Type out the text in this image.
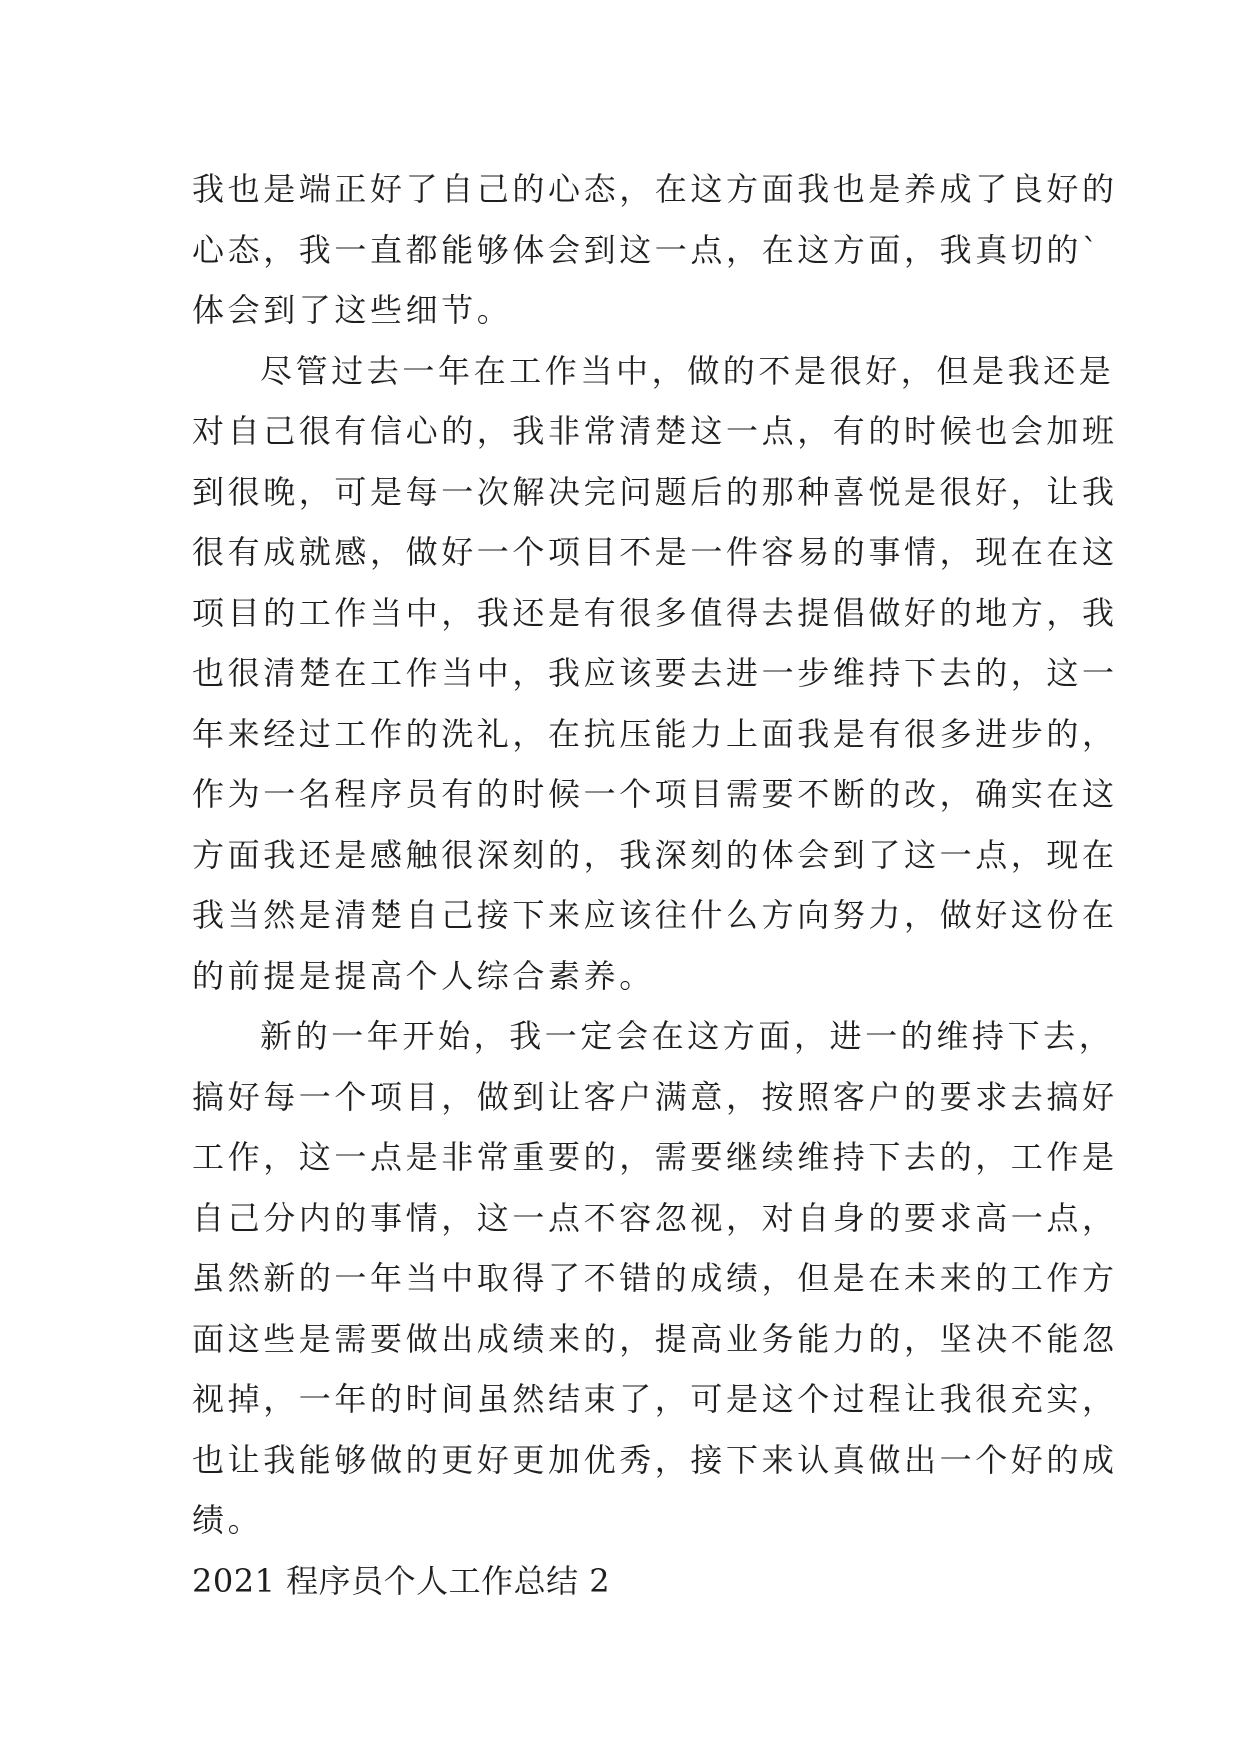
我也是端正好了自己的心态，在这方面我也是养成了良好的
心态，我一直都能够体会到这一点，在这方面，我真切的`
体会到了这些细节。
尽管过去一年在工作当中，做的不是很好，但是我还是
对自己很有信心的，我非常清楚这一点，有的时候也会加班
到很晚，可是每一次解决完问题后的那种喜悦是很好，让我
很有成就感，做好一个项目不是一件容易的事情，现在在这
项目的工作当中，我还是有很多值得去提倡做好的地方，我
也很清楚在工作当中，我应该要去进一步维持下去的，这一
年来经过工作的洗礼，在抗压能力上面我是有很多进步的，
作为一名程序员有的时候一个项目需要不断的改，确实在这
方面我还是感触很深刻的，我深刻的体会到了这一点，现在
我当然是清楚自己接下来应该往什么方向努力，做好这份在
的前提是提高个人综合素养。
新的一年开始，我一定会在这方面，进一的维持下去，
搞好每一个项目，做到让客户满意，按照客户的要求去搞好
工作，这一点是非常重要的，需要继续维持下去的，工作是
自己分内的事情，这一点不容忽视，对自身的要求高一点，
虽然新的一年当中取得了不错的成绩，但是在未来的工作方
面这些是需要做出成绩来的，提高业务能力的，坚决不能忽
视掉，一年的时间虽然结束了，可是这个过程让我很充实，
也让我能够做的更好更加优秀，接下来认真做出一个好的成
绩。
2021 程序员个人工作总结 2
